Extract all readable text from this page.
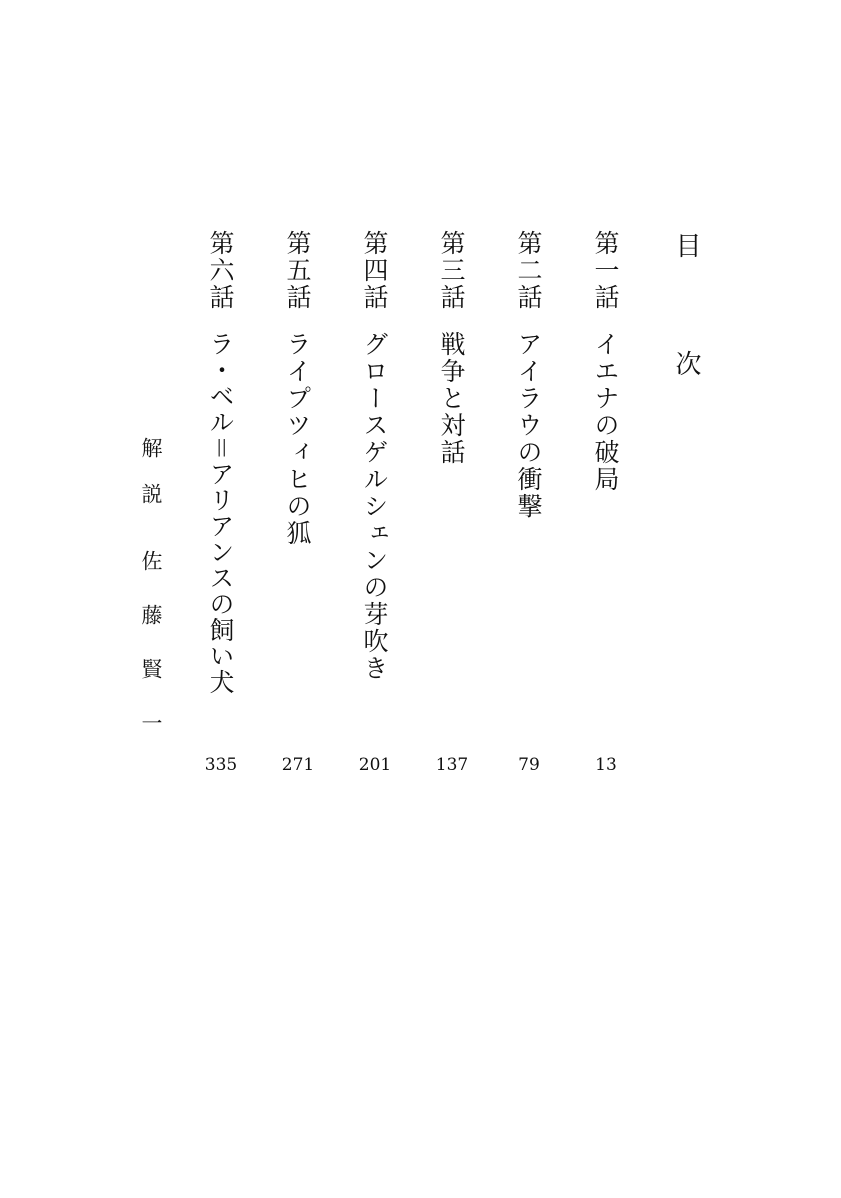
目次
第一話
イエナの破局
13
第二話
アイラウの衝撃
79
第三話
戦争と対話
137
第四話
グロースゲルシェンの芽吹き
201
第五話
ライプツィヒの狐
271
第六話
ラ・ベル＝アリアンスの飼い犬
335
解説
佐藤賢一
